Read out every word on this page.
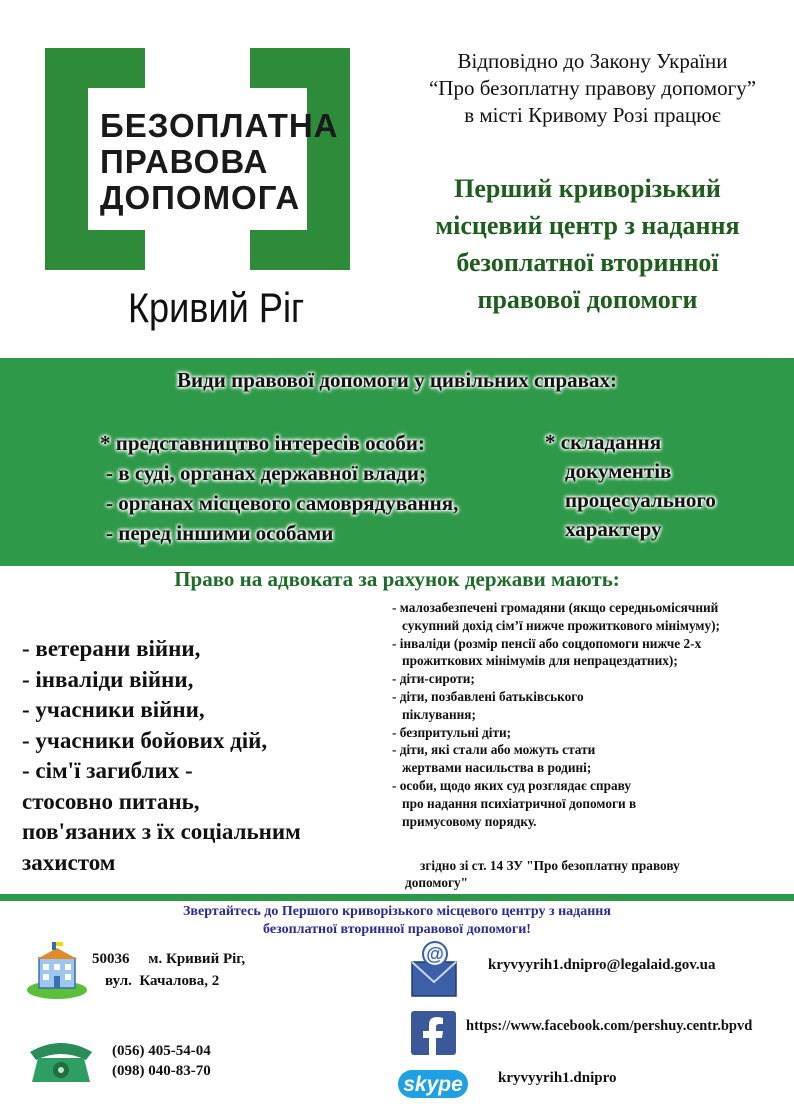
БЕЗОПЛАТНА
ПРАВОВА
ДОПОМОГА
Кривий Ріг
Відповідно до Закону України
“Про безоплатну правову допомогу”
в місті Кривому Розі працює
Перший криворізький
місцевий центр з надання
безоплатної вторинної
правової допомоги
Види правової допомоги у цивільних справах:
* представництво інтересів особи:
- в суді, органах державної влади;
- органах місцевого самоврядування,
- перед іншими особами
* складання
документів
процесуального
характеру
Право на адвоката за рахунок держави мають:
- ветерани війни,
- інваліди війни,
- учасники війни,
- учасники бойових дій,
- сім'ї загиблих -
стосовно питань,
пов'язаних з їх соціальним
захистом
- малозабезпечені громадяни (якщо середньомісячний
сукупний дохід сім’ї нижче прожиткового мінімуму);
- інваліди (розмір пенсії або соцдопомоги нижче 2-х
прожиткових мінімумів для непрацездатних);
- діти-сироти;
- діти, позбавлені батьківського
піклування;
- безпритульні діти;
- діти, які стали або можуть стати
жертвами насильства в родині;
- особи, щодо яких суд розглядає справу
про надання психіатричної допомоги в
примусовому порядку.
згідно зі ст. 14 ЗУ "Про безоплатну правову
допомогу"
Звертайтесь до Першого криворізького місцевого центру з надання
безоплатної вторинної правової допомоги!
50036     м. Кривий Ріг,
вул.  Качалова, 2
(056) 405-54-04
(098) 040-83-70
@
kryvyyrih1.dnipro@legalaid.gov.ua
https://www.facebook.com/pershuy.centr.bpvd
skype kryvyyrih1.dnipro
